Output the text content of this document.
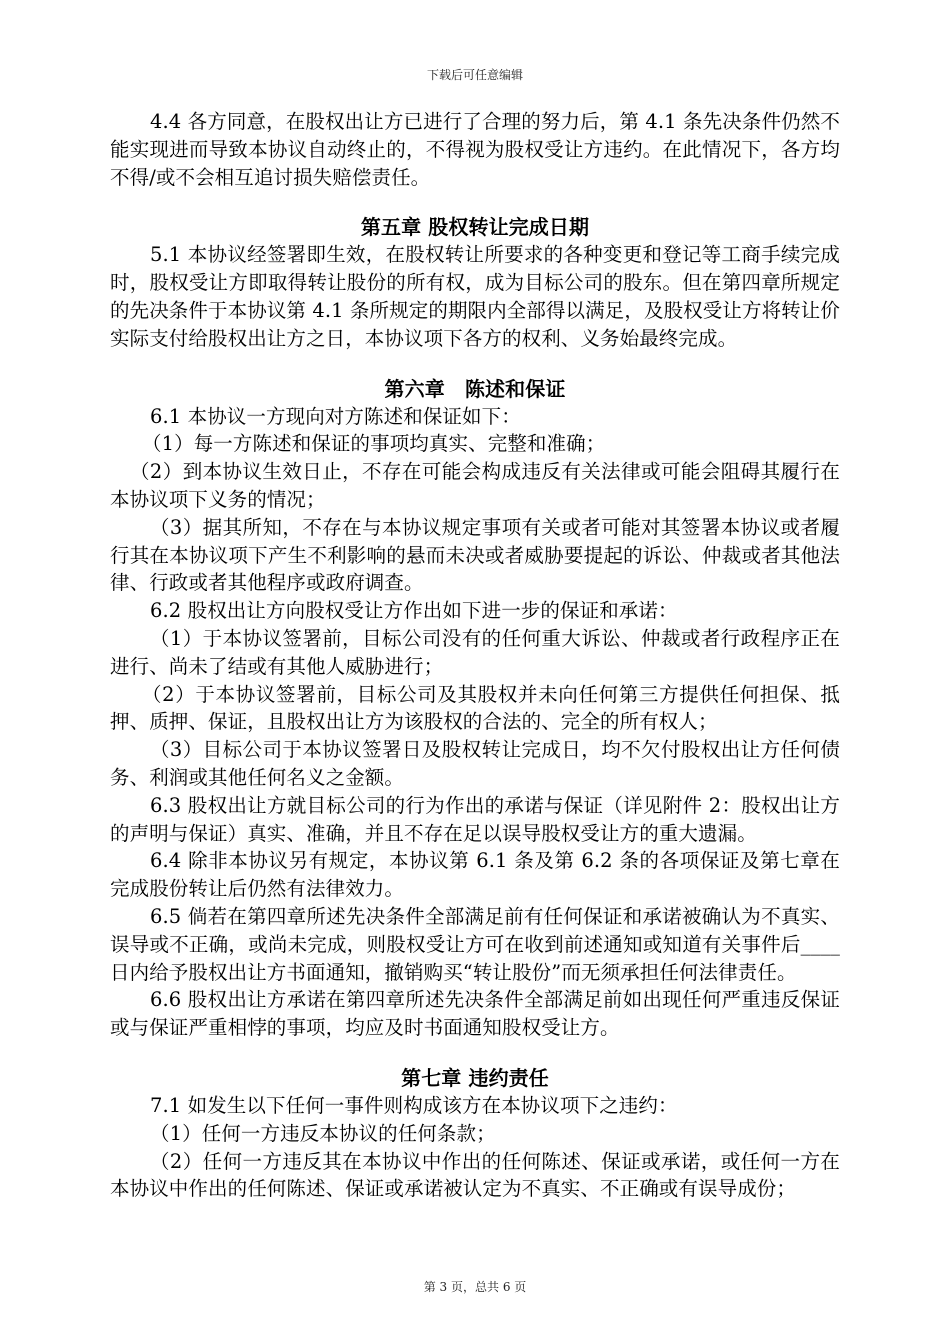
下载后可任意编辑

4.4 各方同意，在股权出让方已进行了合理的努力后，第 4.1 条先决条件仍然不能实现进而导致本协议自动终止的，不得视为股权受让方违约。在此情况下，各方均不得/或不会相互追讨损失赔偿责任。

第五章 股权转让完成日期

5.1 本协议经签署即生效，在股权转让所要求的各种变更和登记等工商手续完成时，股权受让方即取得转让股份的所有权，成为目标公司的股东。但在第四章所规定的先决条件于本协议第 4.1 条所规定的期限内全部得以满足，及股权受让方将转让价实际支付给股权出让方之日，本协议项下各方的权利、义务始最终完成。

第六章　陈述和保证

6.1 本协议一方现向对方陈述和保证如下：

（1）每一方陈述和保证的事项均真实、完整和准确；

（2）到本协议生效日止，不存在可能会构成违反有关法律或可能会阻碍其履行在本协议项下义务的情况；

（3）据其所知，不存在与本协议规定事项有关或者可能对其签署本协议或者履行其在本协议项下产生不利影响的悬而未决或者威胁要提起的诉讼、仲裁或者其他法律、行政或者其他程序或政府调查。

6.2 股权出让方向股权受让方作出如下进一步的保证和承诺：

（1）于本协议签署前，目标公司没有的任何重大诉讼、仲裁或者行政程序正在进行、尚未了结或有其他人威胁进行；

（2）于本协议签署前，目标公司及其股权并未向任何第三方提供任何担保、抵押、质押、保证，且股权出让方为该股权的合法的、完全的所有权人；

（3）目标公司于本协议签署日及股权转让完成日，均不欠付股权出让方任何债务、利润或其他任何名义之金额。

6.3 股权出让方就目标公司的行为作出的承诺与保证（详见附件 2：股权出让方的声明与保证）真实、准确，并且不存在足以误导股权受让方的重大遗漏。

6.4 除非本协议另有规定，本协议第 6.1 条及第 6.2 条的各项保证及第七章在完成股份转让后仍然有法律效力。

6.5 倘若在第四章所述先决条件全部满足前有任何保证和承诺被确认为不真实、误导或不正确，或尚未完成，则股权受让方可在收到前述通知或知道有关事件后____日内给予股权出让方书面通知，撤销购买“转让股份”而无须承担任何法律责任。

6.6 股权出让方承诺在第四章所述先决条件全部满足前如出现任何严重违反保证或与保证严重相悖的事项，均应及时书面通知股权受让方。

第七章 违约责任

7.1 如发生以下任何一事件则构成该方在本协议项下之违约：

（1）任何一方违反本协议的任何条款；

（2）任何一方违反其在本协议中作出的任何陈述、保证或承诺，或任何一方在本协议中作出的任何陈述、保证或承诺被认定为不真实、不正确或有误导成份；

第 3 页，总共 6 页
